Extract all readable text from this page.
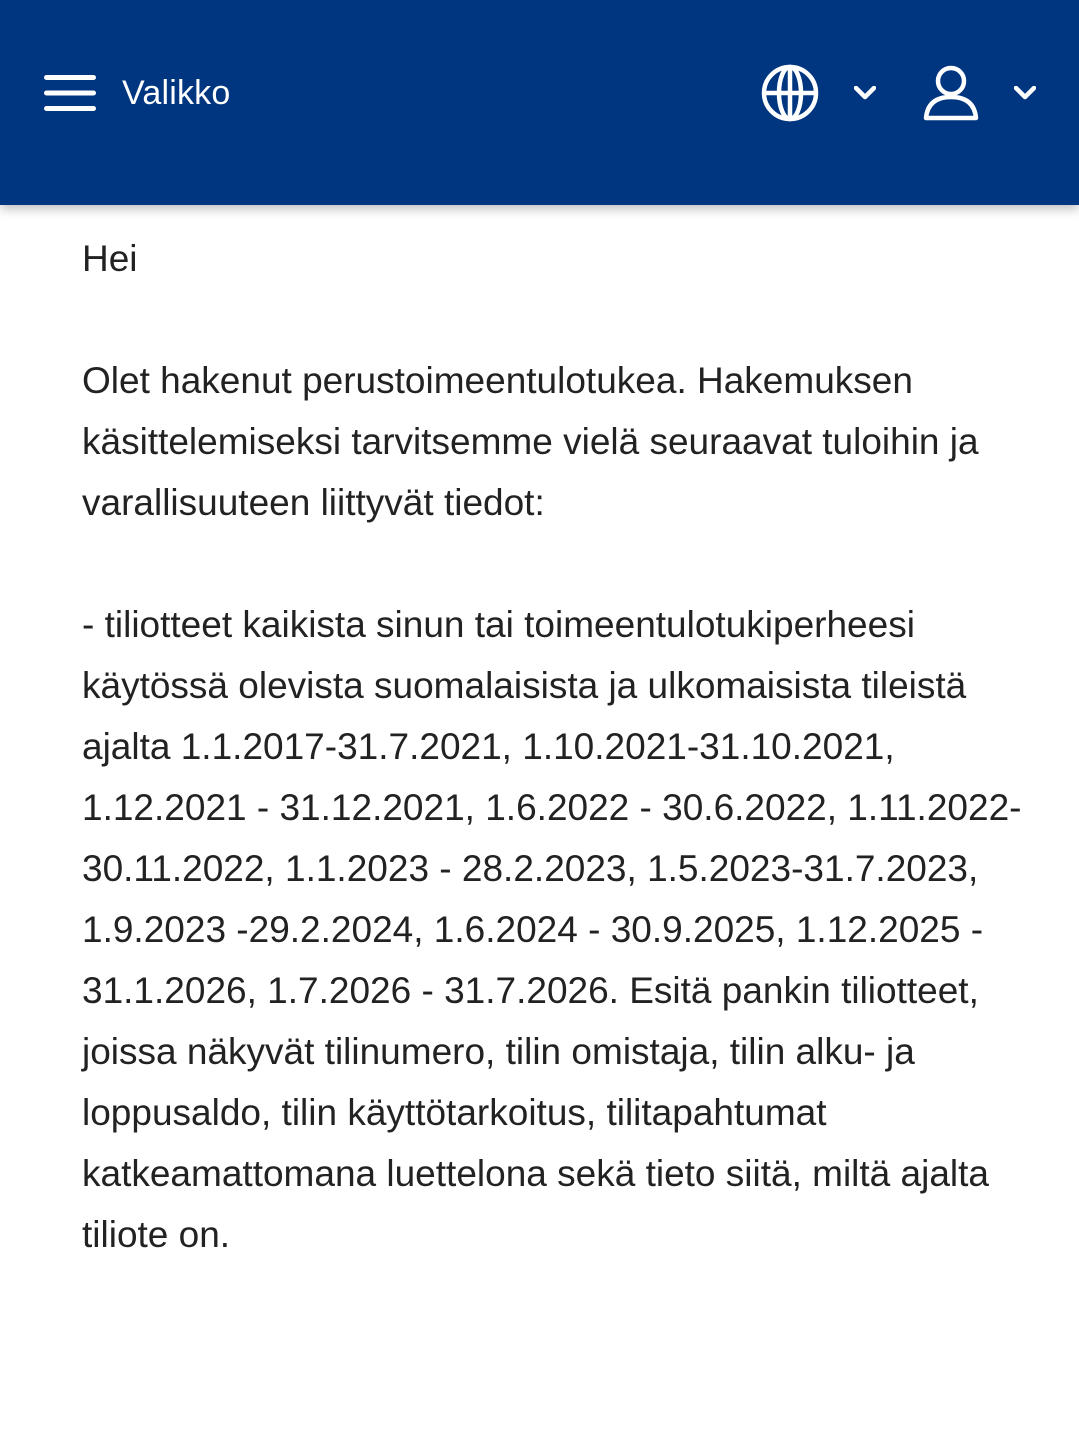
Valikko

Hei

Olet hakenut perustoimeentulotukea. Hakemuksen käsittelemiseksi tarvitsemme vielä seuraavat tuloihin ja varallisuuteen liittyvät tiedot:

- tiliotteet kaikista sinun tai toimeentulotukiperheesi käytössä olevista suomalaisista ja ulkomaisista tileistä ajalta 1.1.2017-31.7.2021, 1.10.2021-31.10.2021, 1.12.2021 - 31.12.2021, 1.6.2022 - 30.6.2022, 1.11.2022-30.11.2022, 1.1.2023 - 28.2.2023, 1.5.2023-31.7.2023, 1.9.2023 -29.2.2024, 1.6.2024 - 30.9.2025, 1.12.2025 - 31.1.2026, 1.7.2026 - 31.7.2026. Esitä pankin tiliotteet, joissa näkyvät tilinumero, tilin omistaja, tilin alku- ja loppusaldo, tilin käyttötarkoitus, tilitapahtumat katkeamattomana luettelona sekä tieto siitä, miltä ajalta tiliote on.
